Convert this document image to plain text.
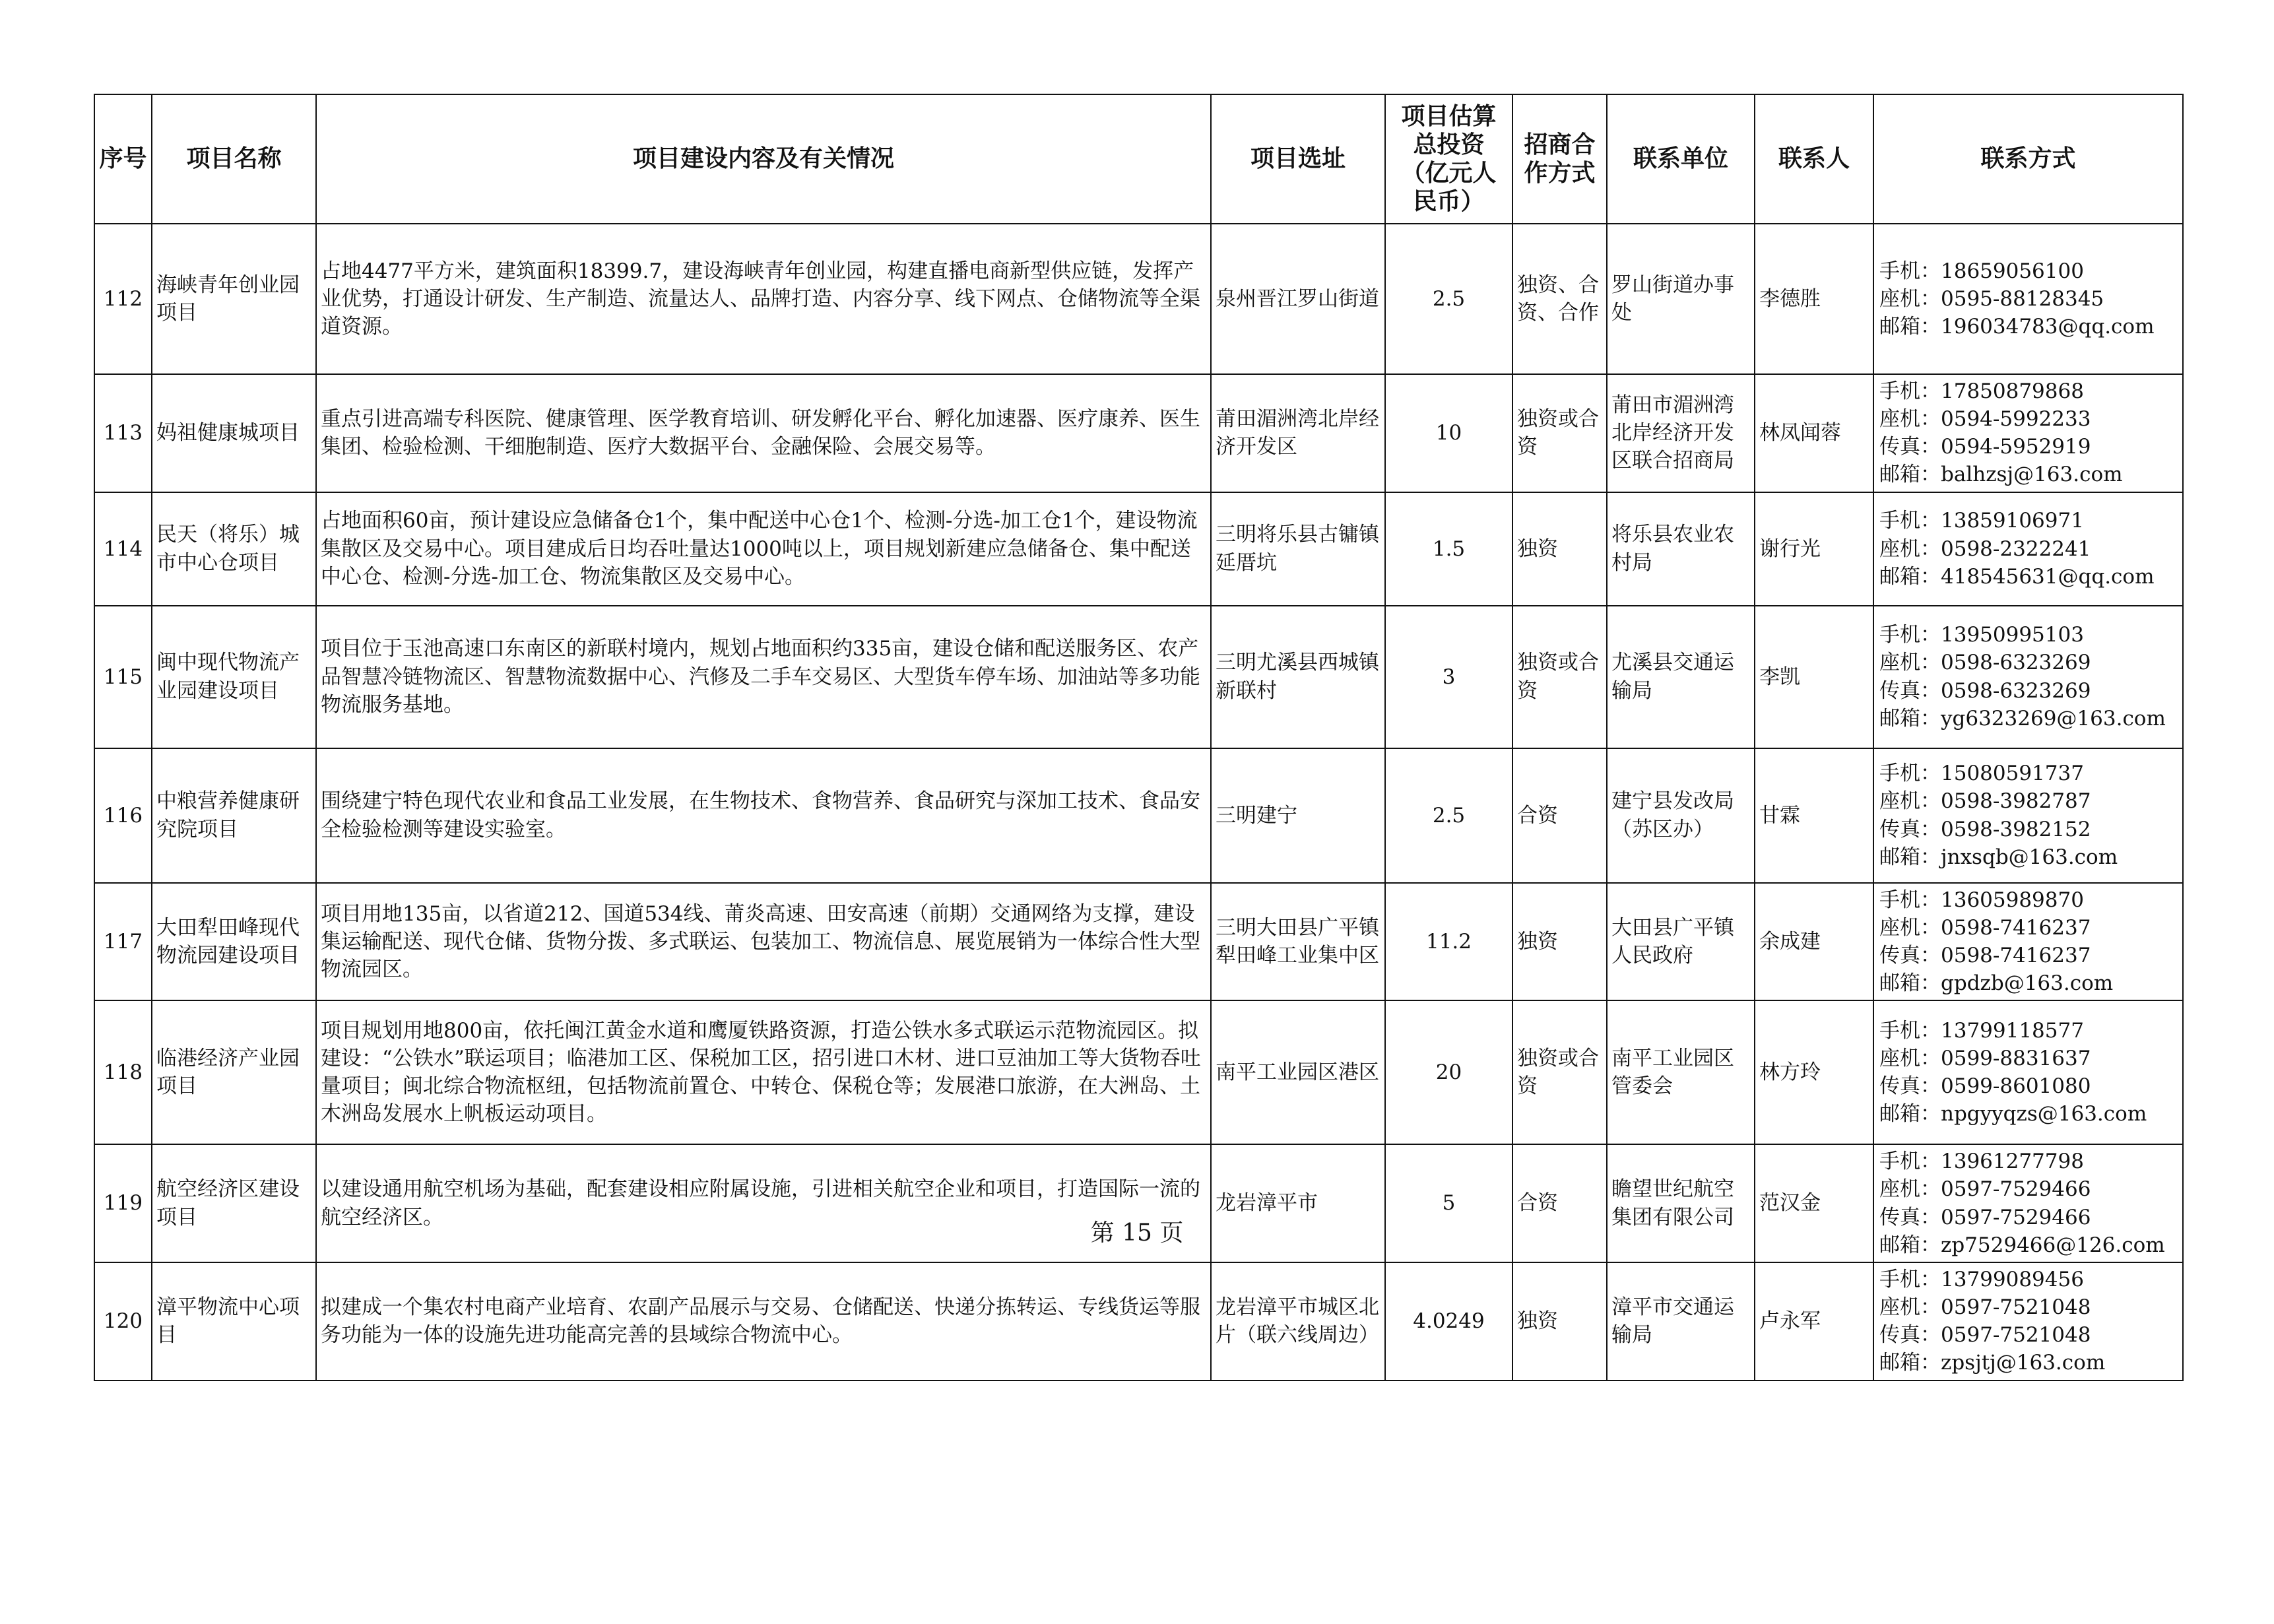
序号	项目名称	项目建设内容及有关情况	项目选址	项目估算总投资（亿元人民币）	招商合作方式	联系单位	联系人	联系方式
112	海峡青年创业园项目	占地4477平方米，建筑面积18399.7，建设海峡青年创业园，构建直播电商新型供应链，发挥产业优势，打通设计研发、生产制造、流量达人、品牌打造、内容分享、线下网点、仓储物流等全渠道资源。	泉州晋江罗山街道	2.5	独资、合资、合作	罗山街道办事处	李德胜	手机：18659056100
座机：0595-88128345
邮箱：196034783@qq.com

113	妈祖健康城项目	重点引进高端专科医院、健康管理、医学教育培训、研发孵化平台、孵化加速器、医疗康养、医生集团、检验检测、干细胞制造、医疗大数据平台、金融保险、会展交易等。	莆田湄洲湾北岸经济开发区	10	独资或合资	莆田市湄洲湾北岸经济开发区联合招商局	林凤闻蓉	手机：17850879868
座机：0594-5992233
传真：0594-5952919
邮箱：balhzsj@163.com

114	民天（将乐）城市中心仓项目	占地面积60亩，预计建设应急储备仓1个，集中配送中心仓1个、检测-分选-加工仓1个，建设物流集散区及交易中心。项目建成后日均吞吐量达1000吨以上，项目规划新建应急储备仓、集中配送中心仓、检测-分选-加工仓、物流集散区及交易中心。	三明将乐县古镛镇延厝坑	1.5	独资	将乐县农业农村局	谢行光	手机：13859106971
座机：0598-2322241
邮箱：418545631@qq.com

115	闽中现代物流产业园建设项目	项目位于玉池高速口东南区的新联村境内，规划占地面积约335亩，建设仓储和配送服务区、农产品智慧冷链物流区、智慧物流数据中心、汽修及二手车交易区、大型货车停车场、加油站等多功能物流服务基地。	三明尤溪县西城镇新联村	3	独资或合资	尤溪县交通运输局	李凯	手机：13950995103
座机：0598-6323269
传真：0598-6323269
邮箱：yg6323269@163.com

116	中粮营养健康研究院项目	围绕建宁特色现代农业和食品工业发展，在生物技术、食物营养、食品研究与深加工技术、食品安全检验检测等建设实验室。	三明建宁	2.5	合资	建宁县发改局（苏区办）	甘霖	手机：15080591737
座机：0598-3982787
传真：0598-3982152
邮箱：jnxsqb@163.com

117	大田犁田峰现代物流园建设项目	项目用地135亩，以省道212、国道534线、莆炎高速、田安高速（前期）交通网络为支撑，建设集运输配送、现代仓储、货物分拨、多式联运、包装加工、物流信息、展览展销为一体综合性大型物流园区。	三明大田县广平镇犁田峰工业集中区	11.2	独资	大田县广平镇人民政府	余成建	手机：13605989870
座机：0598-7416237
传真：0598-7416237
邮箱：gpdzb@163.com

118	临港经济产业园项目	项目规划用地800亩，依托闽江黄金水道和鹰厦铁路资源，打造公铁水多式联运示范物流园区。拟建设：“公铁水”联运项目；临港加工区、保税加工区，招引进口木材、进口豆油加工等大货物吞吐量项目；闽北综合物流枢纽，包括物流前置仓、中转仓、保税仓等；发展港口旅游，在大洲岛、土木洲岛发展水上帆板运动项目。	南平工业园区港区	20	独资或合资	南平工业园区管委会	林方玲	手机：13799118577
座机：0599-8831637
传真：0599-8601080
邮箱：npgyyqzs@163.com

119	航空经济区建设项目	以建设通用航空机场为基础，配套建设相应附属设施，引进相关航空企业和项目，打造国际一流的航空经济区。	龙岩漳平市	5	合资	瞻望世纪航空集团有限公司	范汉金	手机：13961277798
座机：0597-7529466
传真：0597-7529466
邮箱：zp7529466@126.com

120	漳平物流中心项目	拟建成一个集农村电商产业培育、农副产品展示与交易、仓储配送、快递分拣转运、专线货运等服务功能为一体的设施先进功能高完善的县域综合物流中心。	龙岩漳平市城区北片（联六线周边）	4.0249	独资	漳平市交通运输局	卢永军	手机：13799089456
座机：0597-7521048
传真：0597-7521048
邮箱：zpsjtj@163.com
第 15 页
